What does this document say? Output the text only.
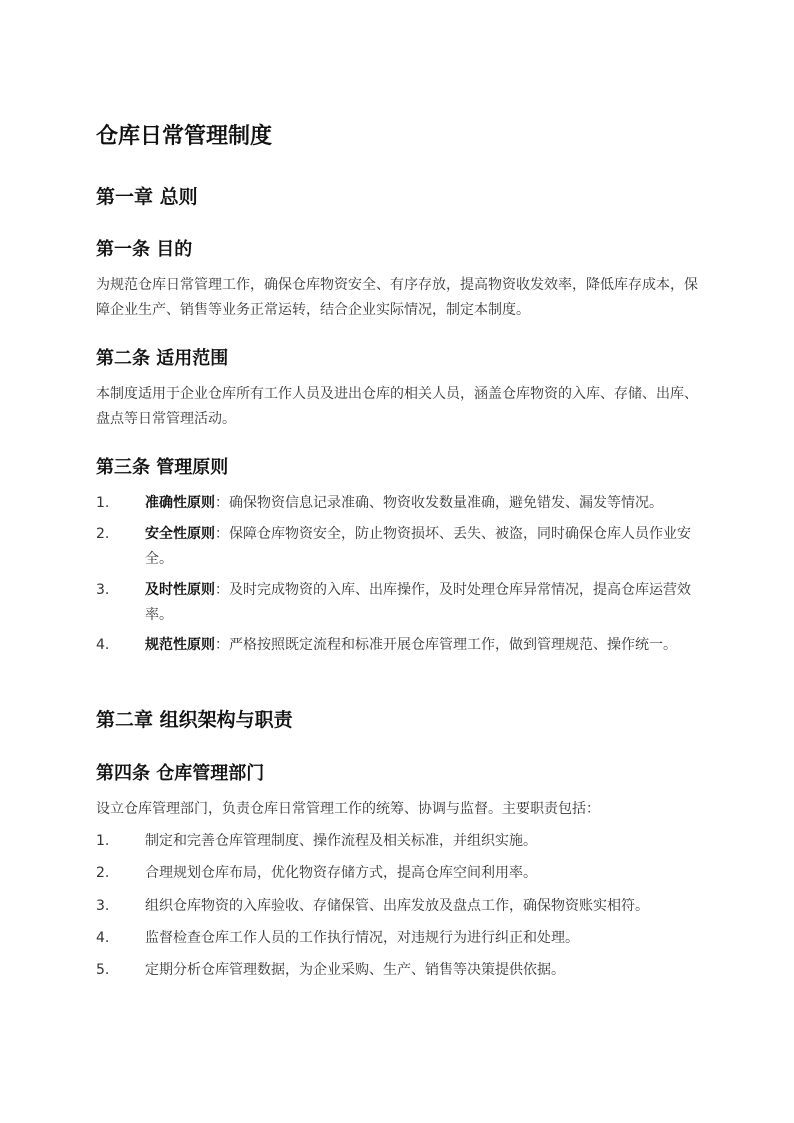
仓库日常管理制度
第一章 总则
第一条 目的

为规范仓库日常管理工作，确保仓库物资安全、有序存放，提高物资收发效率，降低库存成本，保障企业生产、销售等业务正常运转，结合企业实际情况，制定本制度。

第二条 适用范围

本制度适用于企业仓库所有工作人员及进出仓库的相关人员，涵盖仓库物资的入库、存储、出库、盘点等日常管理活动。

第三条 管理原则
1.	准确性原则：确保物资信息记录准确、物资收发数量准确，避免错发、漏发等情况。
2.	安全性原则：保障仓库物资安全，防止物资损坏、丢失、被盗，同时确保仓库人员作业安全。
3.	及时性原则：及时完成物资的入库、出库操作，及时处理仓库异常情况，提高仓库运营效率。
4.	规范性原则：严格按照既定流程和标准开展仓库管理工作，做到管理规范、操作统一。
第二章 组织架构与职责
第四条 仓库管理部门

设立仓库管理部门，负责仓库日常管理工作的统筹、协调与监督。主要职责包括：

1.	制定和完善仓库管理制度、操作流程及相关标准，并组织实施。
2.	合理规划仓库布局，优化物资存储方式，提高仓库空间利用率。
3.	组织仓库物资的入库验收、存储保管、出库发放及盘点工作，确保物资账实相符。
4.	监督检查仓库工作人员的工作执行情况，对违规行为进行纠正和处理。
5.	定期分析仓库管理数据，为企业采购、生产、销售等决策提供依据。
